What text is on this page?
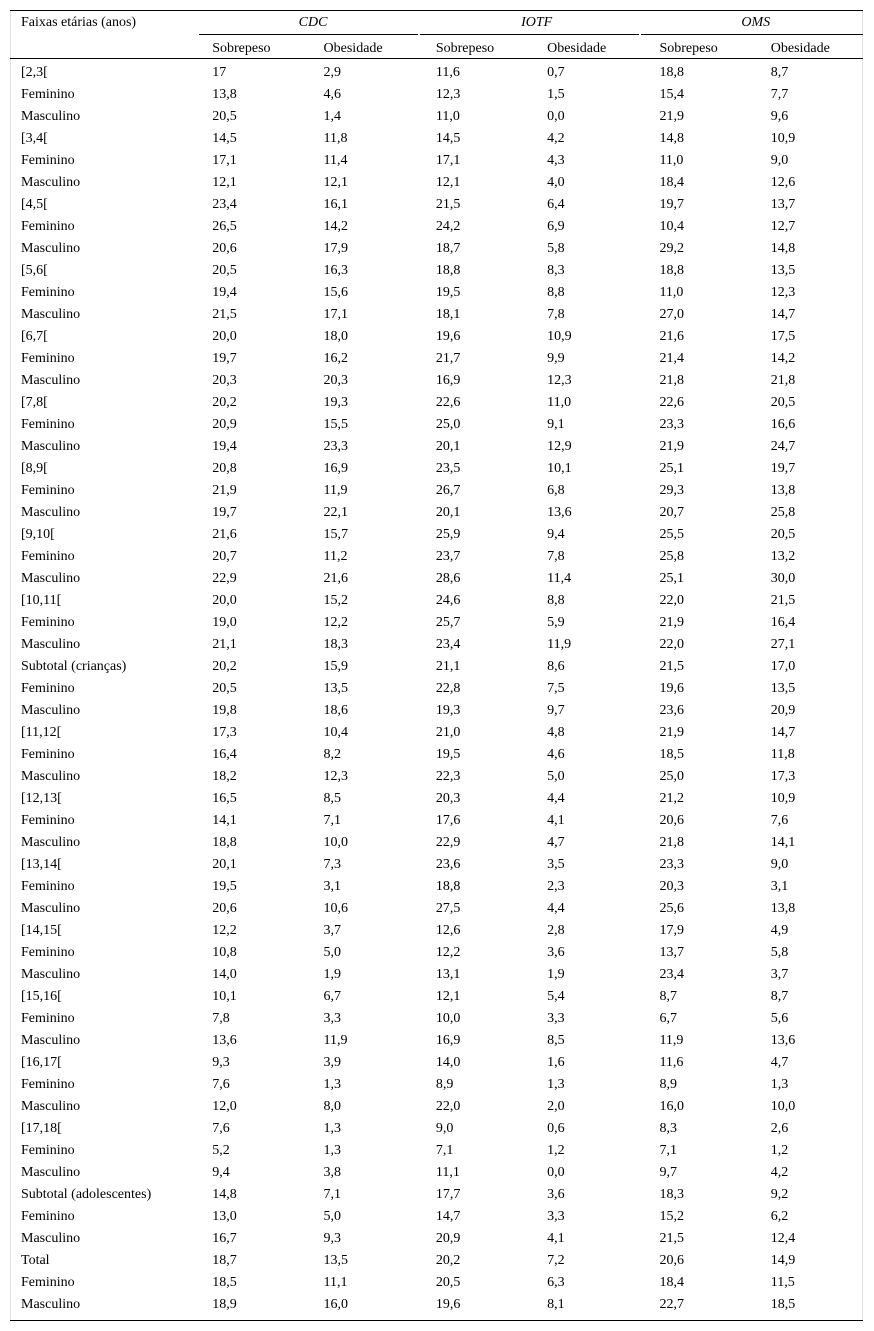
Faixas etárias (anos)	CDC		IOTF		OMS	
	Sobrepeso	Obesidade	Sobrepeso	Obesidade	Sobrepeso	Obesidade
[2,3[	17	2,9	11,6	0,7	18,8	8,7
Feminino	13,8	4,6	12,3	1,5	15,4	7,7
Masculino	20,5	1,4	11,0	0,0	21,9	9,6
[3,4[	14,5	11,8	14,5	4,2	14,8	10,9
Feminino	17,1	11,4	17,1	4,3	11,0	9,0
Masculino	12,1	12,1	12,1	4,0	18,4	12,6
[4,5[	23,4	16,1	21,5	6,4	19,7	13,7
Feminino	26,5	14,2	24,2	6,9	10,4	12,7
Masculino	20,6	17,9	18,7	5,8	29,2	14,8
[5,6[	20,5	16,3	18,8	8,3	18,8	13,5
Feminino	19,4	15,6	19,5	8,8	11,0	12,3
Masculino	21,5	17,1	18,1	7,8	27,0	14,7
[6,7[	20,0	18,0	19,6	10,9	21,6	17,5
Feminino	19,7	16,2	21,7	9,9	21,4	14,2
Masculino	20,3	20,3	16,9	12,3	21,8	21,8
[7,8[	20,2	19,3	22,6	11,0	22,6	20,5
Feminino	20,9	15,5	25,0	9,1	23,3	16,6
Masculino	19,4	23,3	20,1	12,9	21,9	24,7
[8,9[	20,8	16,9	23,5	10,1	25,1	19,7
Feminino	21,9	11,9	26,7	6,8	29,3	13,8
Masculino	19,7	22,1	20,1	13,6	20,7	25,8
[9,10[	21,6	15,7	25,9	9,4	25,5	20,5
Feminino	20,7	11,2	23,7	7,8	25,8	13,2
Masculino	22,9	21,6	28,6	11,4	25,1	30,0
[10,11[	20,0	15,2	24,6	8,8	22,0	21,5
Feminino	19,0	12,2	25,7	5,9	21,9	16,4
Masculino	21,1	18,3	23,4	11,9	22,0	27,1
Subtotal (crianças)	20,2	15,9	21,1	8,6	21,5	17,0
Feminino	20,5	13,5	22,8	7,5	19,6	13,5
Masculino	19,8	18,6	19,3	9,7	23,6	20,9
[11,12[	17,3	10,4	21,0	4,8	21,9	14,7
Feminino	16,4	8,2	19,5	4,6	18,5	11,8
Masculino	18,2	12,3	22,3	5,0	25,0	17,3
[12,13[	16,5	8,5	20,3	4,4	21,2	10,9
Feminino	14,1	7,1	17,6	4,1	20,6	7,6
Masculino	18,8	10,0	22,9	4,7	21,8	14,1
[13,14[	20,1	7,3	23,6	3,5	23,3	9,0
Feminino	19,5	3,1	18,8	2,3	20,3	3,1
Masculino	20,6	10,6	27,5	4,4	25,6	13,8
[14,15[	12,2	3,7	12,6	2,8	17,9	4,9
Feminino	10,8	5,0	12,2	3,6	13,7	5,8
Masculino	14,0	1,9	13,1	1,9	23,4	3,7
[15,16[	10,1	6,7	12,1	5,4	8,7	8,7
Feminino	7,8	3,3	10,0	3,3	6,7	5,6
Masculino	13,6	11,9	16,9	8,5	11,9	13,6
[16,17[	9,3	3,9	14,0	1,6	11,6	4,7
Feminino	7,6	1,3	8,9	1,3	8,9	1,3
Masculino	12,0	8,0	22,0	2,0	16,0	10,0
[17,18[	7,6	1,3	9,0	0,6	8,3	2,6
Feminino	5,2	1,3	7,1	1,2	7,1	1,2
Masculino	9,4	3,8	11,1	0,0	9,7	4,2
Subtotal (adolescentes)	14,8	7,1	17,7	3,6	18,3	9,2
Feminino	13,0	5,0	14,7	3,3	15,2	6,2
Masculino	16,7	9,3	20,9	4,1	21,5	12,4
Total	18,7	13,5	20,2	7,2	20,6	14,9
Feminino	18,5	11,1	20,5	6,3	18,4	11,5
Masculino	18,9	16,0	19,6	8,1	22,7	18,5
